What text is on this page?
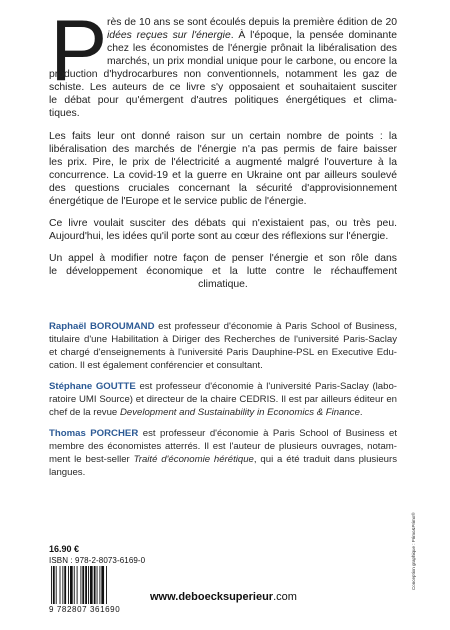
P rès de 10 ans se sont écoulés depuis la première édition de 20
idées reçues sur l'énergie. À l'époque, la pensée dominante
chez les économistes de l'énergie prônait la libéralisation des
marchés, un prix mondial unique pour le carbone, ou encore la
production d'hydrocarbures non conventionnels, notamment les gaz de
schiste. Les auteurs de ce livre s'y opposaient et souhaitaient susciter
le débat pour qu'émergent d'autres politiques énergétiques et clima-
tiques.
Les faits leur ont donné raison sur un certain nombre de points : la
libéralisation des marchés de l'énergie n'a pas permis de faire baisser
les prix. Pire, le prix de l'électricité a augmenté malgré l'ouverture à la
concurrence. La covid-19 et la guerre en Ukraine ont par ailleurs soulevé
des questions cruciales concernant la sécurité d'approvisionnement
énergétique de l'Europe et le service public de l'énergie.
Ce livre voulait susciter des débats qui n'existaient pas, ou très peu.
Aujourd'hui, les idées qu'il porte sont au cœur des réflexions sur l'énergie.
Un appel à modifier notre façon de penser l'énergie et son rôle dans
le développement économique et la lutte contre le réchauffement
climatique.
Raphaël BOROUMAND est professeur d'économie à Paris School of Business,
titulaire d'une Habilitation à Diriger des Recherches de l'université Paris-Saclay
et chargé d'enseignements à l'université Paris Dauphine-PSL en Executive Edu-
cation. Il est également conférencier et consultant.
Stéphane GOUTTE est professeur d'économie à l'université Paris-Saclay (labo-
ratoire UMI Source) et directeur de la chaire CEDRIS. Il est par ailleurs éditeur en
chef de la revue Development and Sustainability in Economics & Finance.
Thomas PORCHER est professeur d'économie à Paris School of Business et
membre des économistes atterrés. Il est l'auteur de plusieurs ouvrages, notam-
ment le best-seller Traité d'économie hérétique, qui a été traduit dans plusieurs
langues.
16.90 €
ISBN : 978-2-8073-6169-0
9 782807 361690
www.deboecksuperieur.com
Conception graphique : Primo&Primo®
